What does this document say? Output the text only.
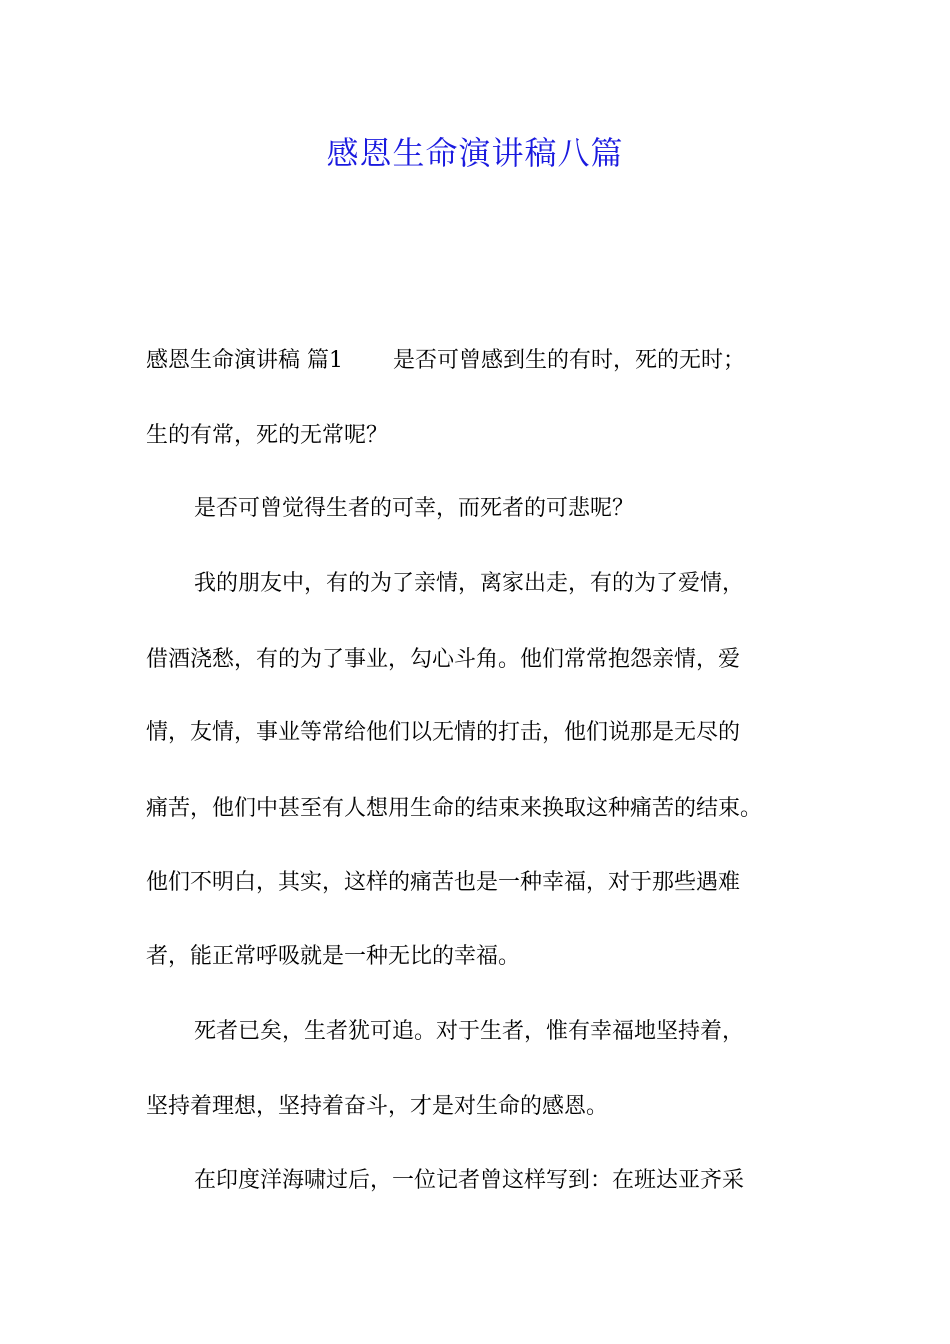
感恩生命演讲稿八篇

感恩生命演讲稿 篇1 是否可曾感到生的有时，死的无时；

生的有常，死的无常呢？

是否可曾觉得生者的可幸，而死者的可悲呢？

我的朋友中，有的为了亲情，离家出走，有的为了爱情，

借酒浇愁，有的为了事业，勾心斗角。他们常常抱怨亲情，爱

情，友情，事业等常给他们以无情的打击，他们说那是无尽的

痛苦，他们中甚至有人想用生命的结束来换取这种痛苦的结束。

他们不明白，其实，这样的痛苦也是一种幸福，对于那些遇难

者，能正常呼吸就是一种无比的幸福。

死者已矣，生者犹可追。对于生者，惟有幸福地坚持着，

坚持着理想，坚持着奋斗，才是对生命的感恩。

在印度洋海啸过后，一位记者曾这样写到：在班达亚齐采
